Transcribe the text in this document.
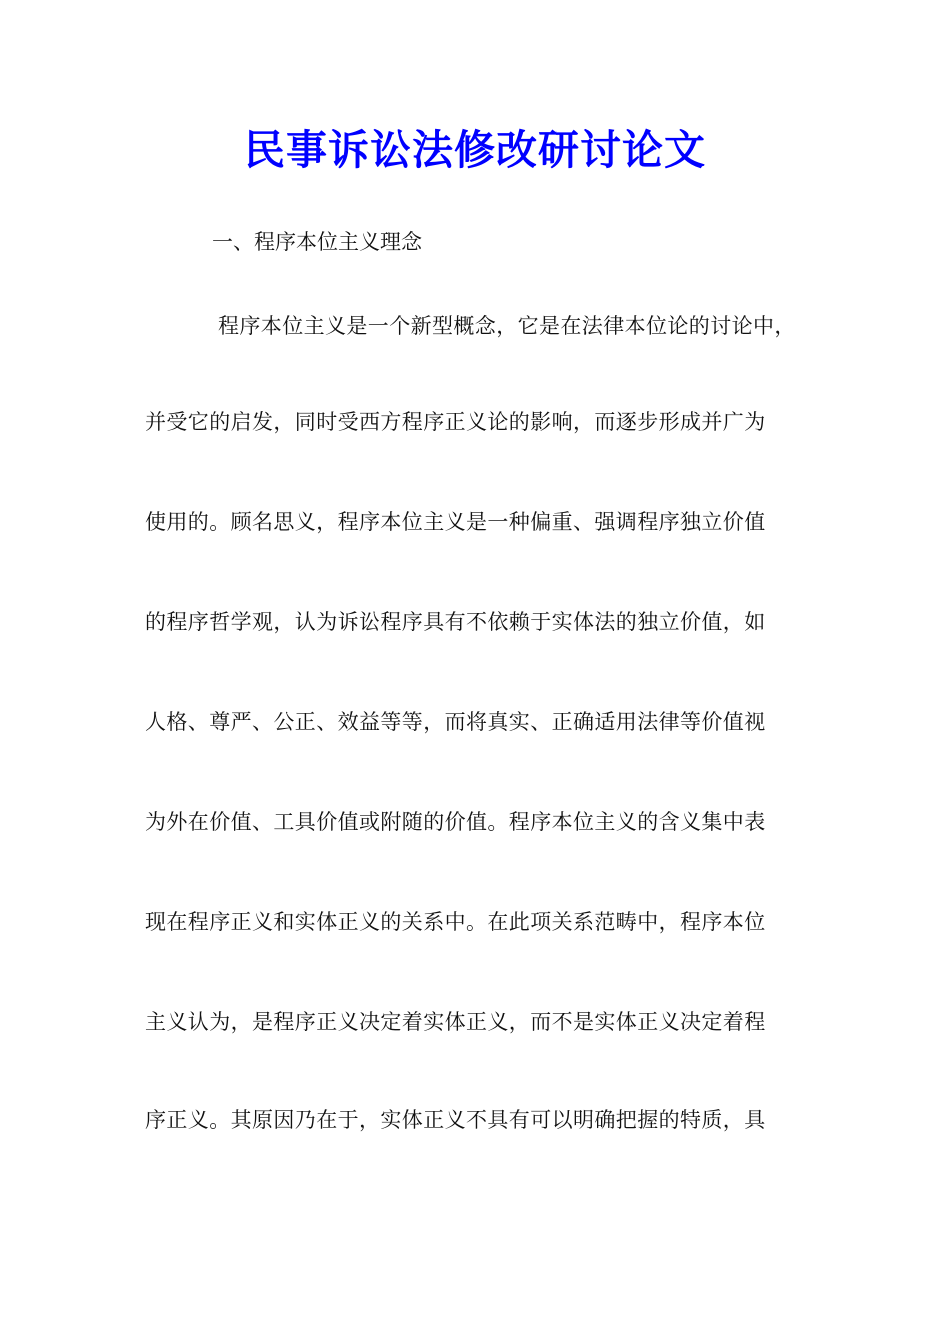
民事诉讼法修改研讨论文
一、程序本位主义理念
程序本位主义是一个新型概念，它是在法律本位论的讨论中，
并受它的启发，同时受西方程序正义论的影响，而逐步形成并广为
使用的。顾名思义，程序本位主义是一种偏重、强调程序独立价值
的程序哲学观，认为诉讼程序具有不依赖于实体法的独立价值，如
人格、尊严、公正、效益等等，而将真实、正确适用法律等价值视
为外在价值、工具价值或附随的价值。程序本位主义的含义集中表
现在程序正义和实体正义的关系中。在此项关系范畴中，程序本位
主义认为，是程序正义决定着实体正义，而不是实体正义决定着程
序正义。其原因乃在于，实体正义不具有可以明确把握的特质，具
